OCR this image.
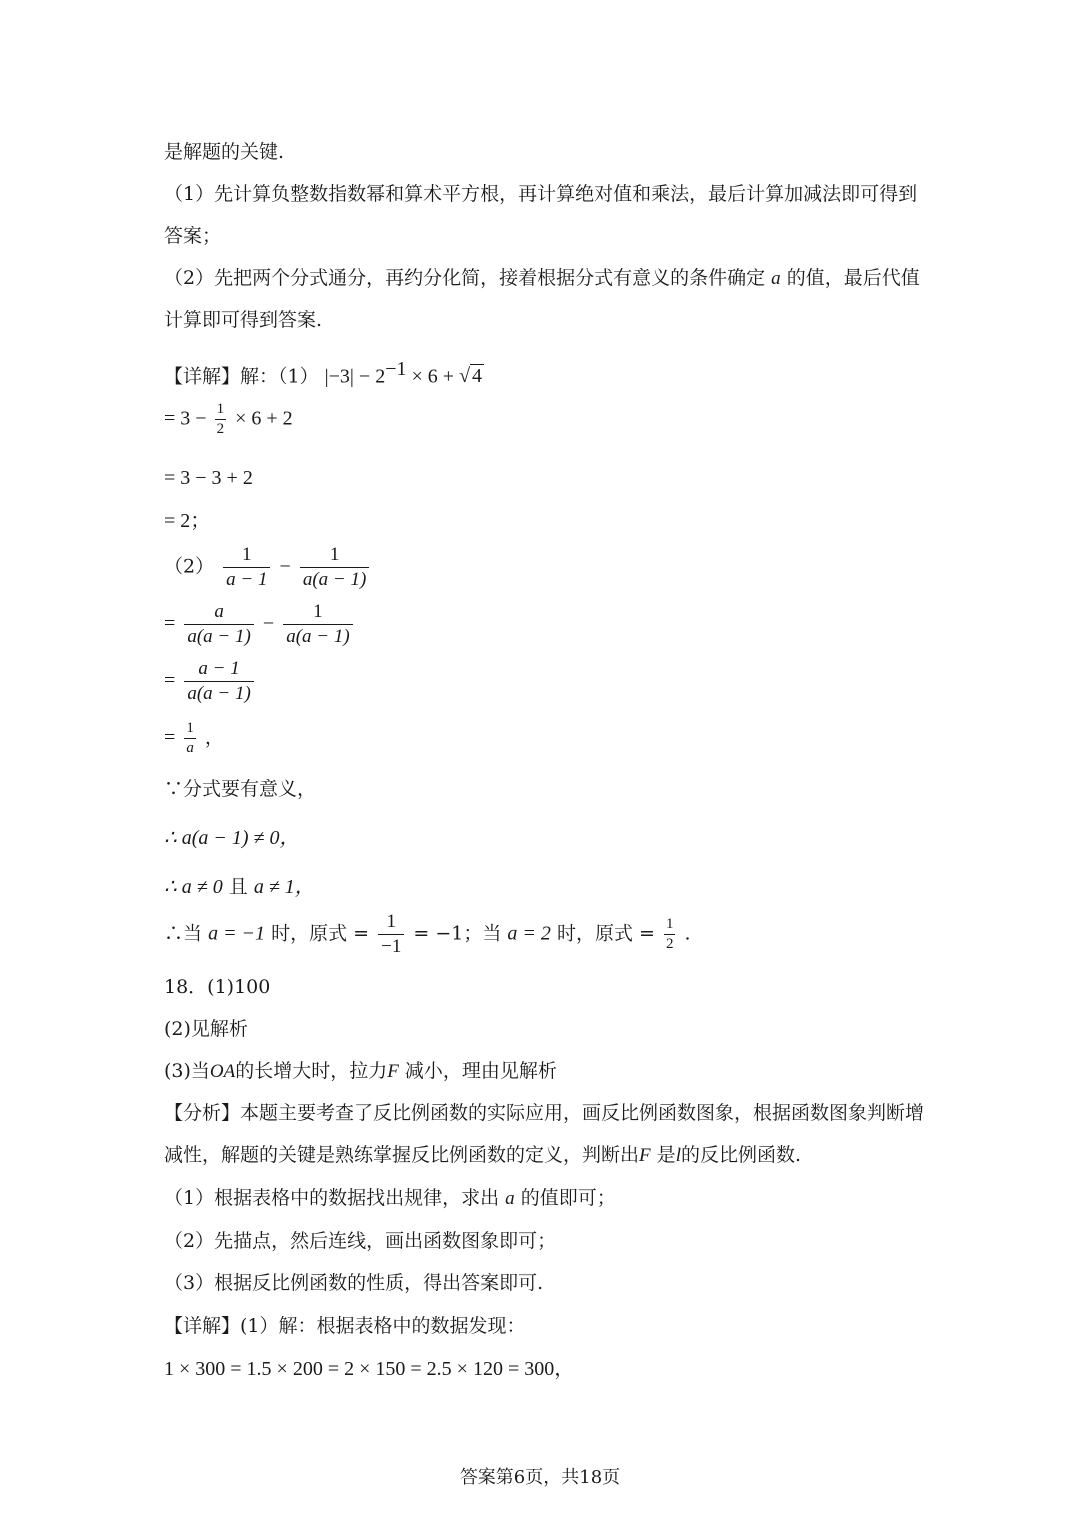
是解题的关键.
（1）先计算负整数指数幂和算术平方根，再计算绝对值和乘法，最后计算加减法即可得到
答案；
（2）先把两个分式通分，再约分化简，接着根据分式有意义的条件确定 a 的值，最后代值
计算即可得到答案.
【详解】解：（1） $|-3| - 2^{-1} \times 6$ + √ 4
= $3 - \frac{1}{2} \times 6 + 2$
= 3 − 3 + 2
= 2；
$(2) \frac{1}{a - 1} - \frac{1}{a(a - 1)}$
= $\frac{a}{a(a - 1)} - \frac{1}{a(a - 1)}$
= $\frac{a - 1}{a(a - 1)}$
= $\frac{1}{a}$ ，
∵分式要有意义，
∴ a(a − 1) ≠ 0，
∴ a ≠ 0 且 a ≠ 1，
∴当 a = −1 时，原式 = $\frac{1}{-1} = -1$；当 a = 2 时，原式 = $\frac{1}{2}$ .
18．(1)100
(2)见解析
(3)当OA的长增大时，拉力F 减小，理由见解析
【分析】本题主要考查了反比例函数的实际应用，画反比例函数图象，根据函数图象判断增
减性，解题的关键是熟练掌握反比例函数的定义，判断出F 是l的反比例函数.
（1）根据表格中的数据找出规律，求出 a 的值即可；
（2）先描点，然后连线，画出函数图象即可；
（3）根据反比例函数的性质，得出答案即可.
【详解】(1）解：根据表格中的数据发现：
1 × 300 = 1.5 × 200 = 2 × 150 = 2.5 × 120 = 300，
答案第6页，共18页
